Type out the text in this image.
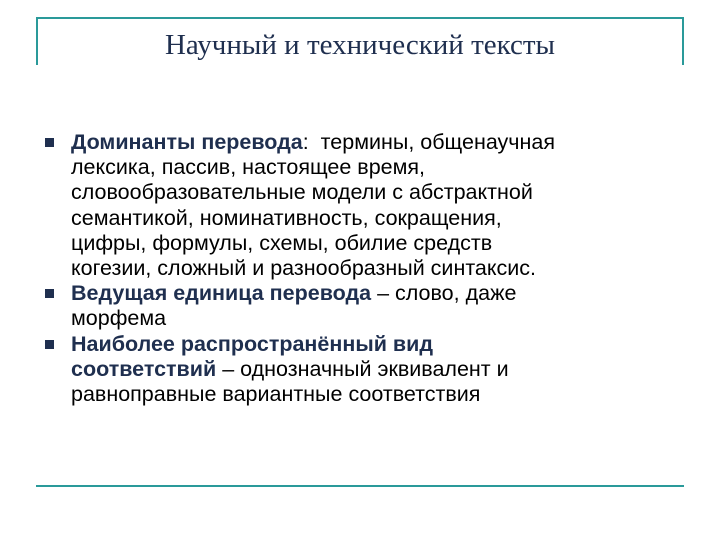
Научный и технический тексты
Доминанты перевода:  термины, общенаучная
лексика, пассив, настоящее время,
словообразовательные модели с абстрактной
семантикой, номинативность, сокращения,
цифры, формулы, схемы, обилие средств
когезии, сложный и разнообразный синтаксис.
Ведущая единица перевода – слово, даже
морфема
Наиболее распространённый вид
соответствий – однозначный эквивалент и
равноправные вариантные соответствия
